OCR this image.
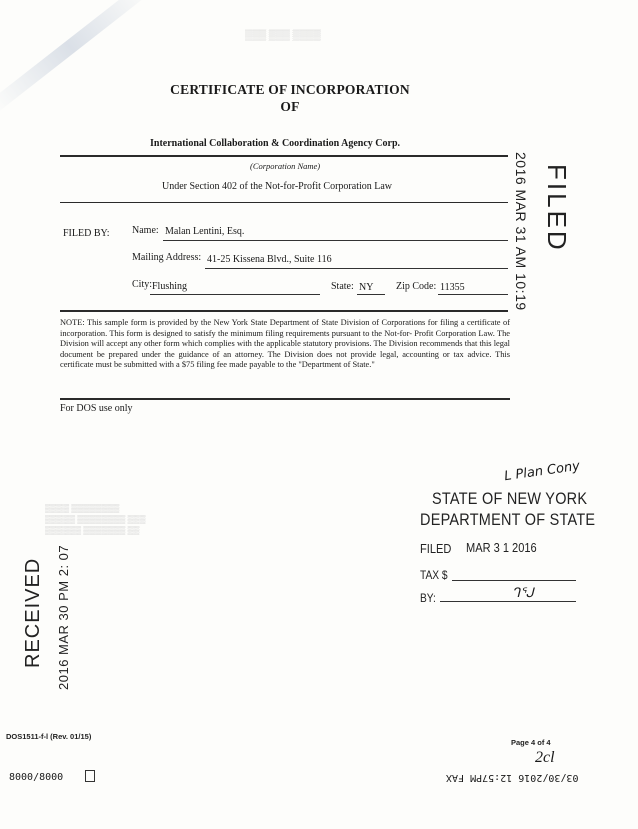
▒▒▒ ▒▒▒ ▒▒▒▒
CERTIFICATE OF INCORPORATION
OF
International Collaboration & Coordination Agency Corp.
(Corporation Name)
Under Section 402 of the Not-for-Profit Corporation Law
FILED BY: Name: Malan Lentini, Esq.
Mailing Address: 41-25 Kissena Blvd., Suite 116
City: Flushing	State: NY Zip Code: 11355
NOTE: This sample form is provided by the New York State Department of State Division of Corporations for filing a certificate of incorporation. This form is designed to satisfy the minimum filing requirements pursuant to the Not-for- Profit Corporation Law. The Division will accept any other form which complies with the applicable statutory provisions. The Division recommends that this legal document be prepared under the guidance of an attorney. The Division does not provide legal, accounting or tax advice. This certificate must be submitted with a $75 filing fee made payable to the "Department of State."
For DOS use only
FILED
2016 MAR 31 AM 10:19
L Plan Cony
STATE OF NEW YORK
DEPARTMENT OF STATE
FILED MAR 3 1 2016
TAX $
BY:	ᒉᕐᒍ
RECEIVED 2016 MAR 30 PM 2: 07
▒▒▒▒ ▒▒▒▒▒▒▒▒
▒▒▒▒▒ ▒▒▒▒▒▒▒▒ ▒▒▒
▒▒▒▒▒▒ ▒▒▒▒▒▒▒ ▒▒
DOS1511-f-l (Rev. 01/15)
Page 4 of 4
2cl
8000/8000	03/30/2016 12:57PM FAX
